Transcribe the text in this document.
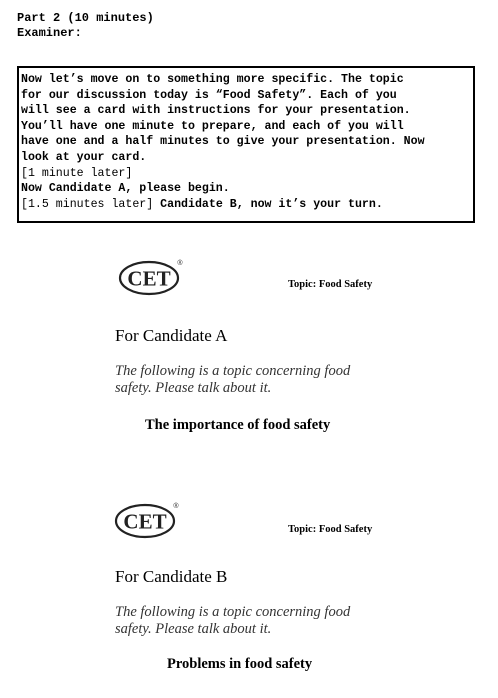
Part 2 (10 minutes)
Examiner:
Now let’s move on to something more specific. The topic
for our discussion today is “Food Safety”. Each of you
will see a card with instructions for your presentation.
You’ll have one minute to prepare, and each of you will
have one and a half minutes to give your presentation. Now
look at your card.
[1 minute later]
Now Candidate A, please begin.
[1.5 minutes later] Candidate B, now it’s your turn.
CET
®
Topic: Food Safety
For Candidate A
The following is a topic concerning food
safety. Please talk about it.
The importance of food safety
CET
®
Topic: Food Safety
For Candidate B
The following is a topic concerning food
safety. Please talk about it.
Problems in food safety
